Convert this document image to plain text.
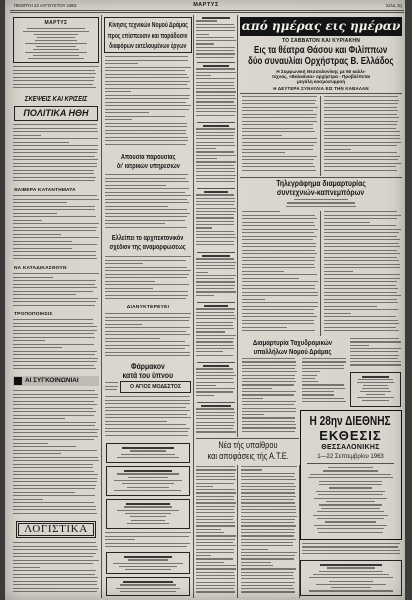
ΠΕΜΠΤΗ 22 ΑΥΓΟΥΣΤΟΥ 1963	ΜΑΡΤΥΣ	Σελίς 3η
ΜΑΡΤΥΣ
ΣΚΕΨΕΙΣ ΚΑΙ ΚΡΙΣΕΙΣ
ΠΟΛΙΤΙΚΑ ΗΘΗ
ΘΛΙΒΕΡΑ ΚΑΤΑΝΤΗΜΑΤΑ
ΝΑ ΚΑΤΑΔΙΚΑΣΘΟΥΝ
ΤΡΟΠΟΠΟΙΗΣΙΣ
ΑΙ ΣΥΓΚΟΙΝΩΝΙΑΙ
ΛΟΓΙΣΤΙΚΑ
Κίνησις τεχνικών Νομού Δράμας
προς επίσπευσιν και παράδοσιν
διαφόρων εκτελουμένων έργων
Απουσία παρουσίας
δι' ιατρικών υπηρεσιών
Ελλείπει το αρχιτεκτονικόν
σχέδιον της αναμορφώσεως
ΔΙΑΝΥΚΤΕΡΕΥΕΙ
Φάρμακον
κατά του ύπνου
Ο ΑΓΙΟΣ ΜΟΔΕΣΤΟΣ
Νέα τής υπαίθρου
και αποφάσεις τής Α.Τ.Ε.
από ημέρας εις ημέραν
ΤΟ ΣΑΒΒΑΤΟΝ ΚΑΙ ΚΥΡΙΑΚΗΝ
Εις τα θέατρα Θάσου και Φιλίππων
δύο συναυλίαι Ορχήστρας Β. Ελλάδος
Η Συμφωνική Θεσσαλονίκης με 60 καλλι-
τέχνας, «Βαλκάνια» ορχήστρα - Προβλέπεται
μεγάλη κοσμοσυρροή
Η ΔΕΥΤΕΡΑ ΣΥΝΑΥΛΙΑ ΕΙΣ ΤΗΝ ΚΑΒΑΛΑΝ
Τηλεγράφημα διαμαρτυρίας
συντεχνιών-καπνεμπόρων
Διαμαρτυρία Ταχυδρομικών
υπαλλήλων Νομού Δράμας
Η 28ην ΔΙΕΘΝΗΣ
ΕΚΘΕΣΙΣ
ΘΕΣΣΑΛΟΝΙΚΗΣ
1—22 Σεπτεμβρίου 1963
